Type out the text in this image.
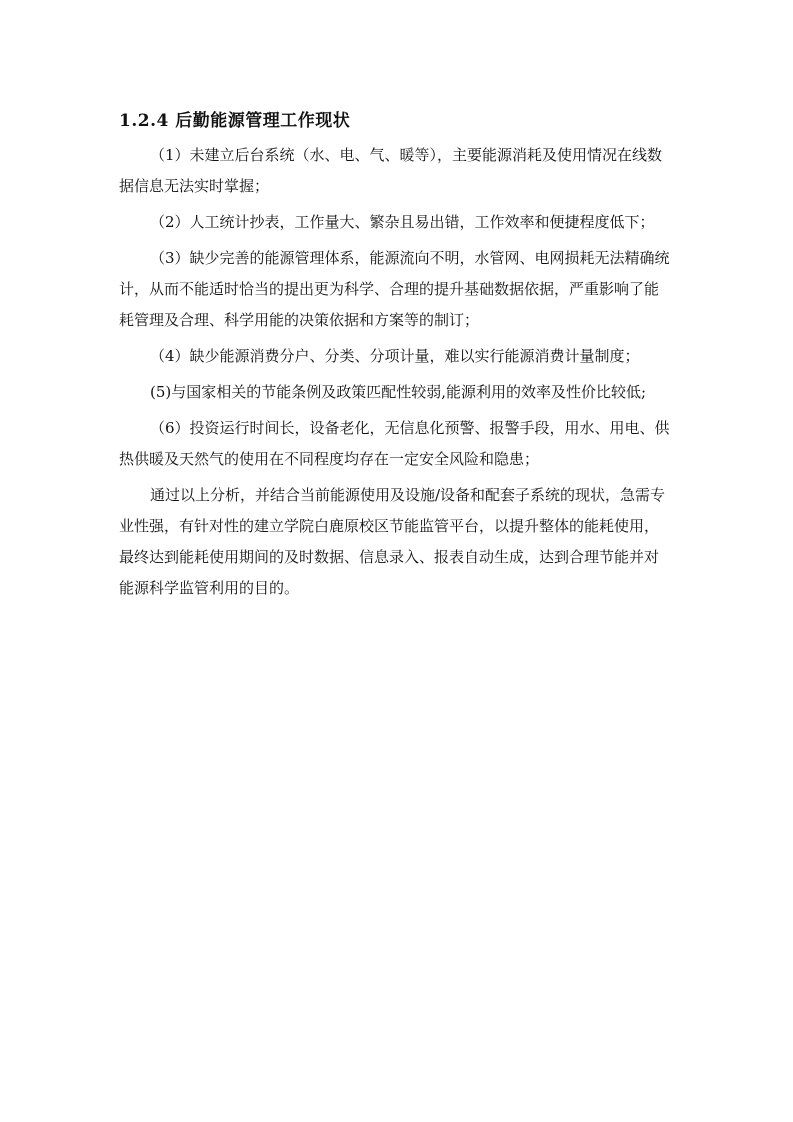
1.2.4 后勤能源管理工作现状
（1）未建立后台系统（水、电、气、暖等），主要能源消耗及使用情况在线数
据信息无法实时掌握；
（2）人工统计抄表，工作量大、繁杂且易出错，工作效率和便捷程度低下；
（3）缺少完善的能源管理体系，能源流向不明，水管网、电网损耗无法精确统
计，从而不能适时恰当的提出更为科学、合理的提升基础数据依据，严重影响了能
耗管理及合理、科学用能的决策依据和方案等的制订；
（4）缺少能源消费分户、分类、分项计量，难以实行能源消费计量制度；
(5)与国家相关的节能条例及政策匹配性较弱,能源利用的效率及性价比较低;
（6）投资运行时间长，设备老化，无信息化预警、报警手段，用水、用电、供
热供暖及天然气的使用在不同程度均存在一定安全风险和隐患；
通过以上分析，并结合当前能源使用及设施/设备和配套子系统的现状，急需专
业性强，有针对性的建立学院白鹿原校区节能监管平台，以提升整体的能耗使用，
最终达到能耗使用期间的及时数据、信息录入、报表自动生成，达到合理节能并对
能源科学监管利用的目的。
